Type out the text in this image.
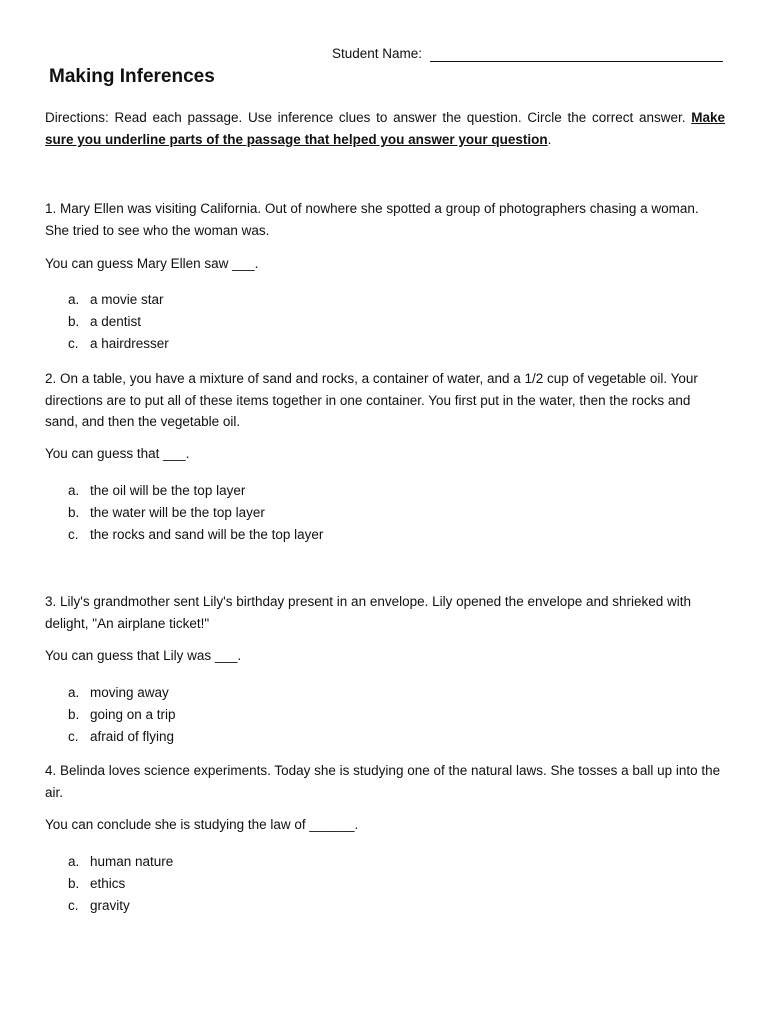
Student Name:
Making Inferences
Directions: Read each passage. Use inference clues to answer the question. Circle the correct answer. Make sure you underline parts of the passage that helped you answer your question.
1. Mary Ellen was visiting California. Out of nowhere she spotted a group of photographers chasing a woman. She tried to see who the woman was.
You can guess Mary Ellen saw ___.
a. a movie star
b. a dentist
c. a hairdresser
2. On a table, you have a mixture of sand and rocks, a container of water, and a 1/2 cup of vegetable oil. Your directions are to put all of these items together in one container. You first put in the water, then the rocks and sand, and then the vegetable oil.
You can guess that ___.
a. the oil will be the top layer
b. the water will be the top layer
c. the rocks and sand will be the top layer
3. Lily's grandmother sent Lily's birthday present in an envelope. Lily opened the envelope and shrieked with delight, "An airplane ticket!"
You can guess that Lily was ___.
a. moving away
b. going on a trip
c. afraid of flying
4. Belinda loves science experiments. Today she is studying one of the natural laws. She tosses a ball up into the air.
You can conclude she is studying the law of ______.
a. human nature
b. ethics
c. gravity
